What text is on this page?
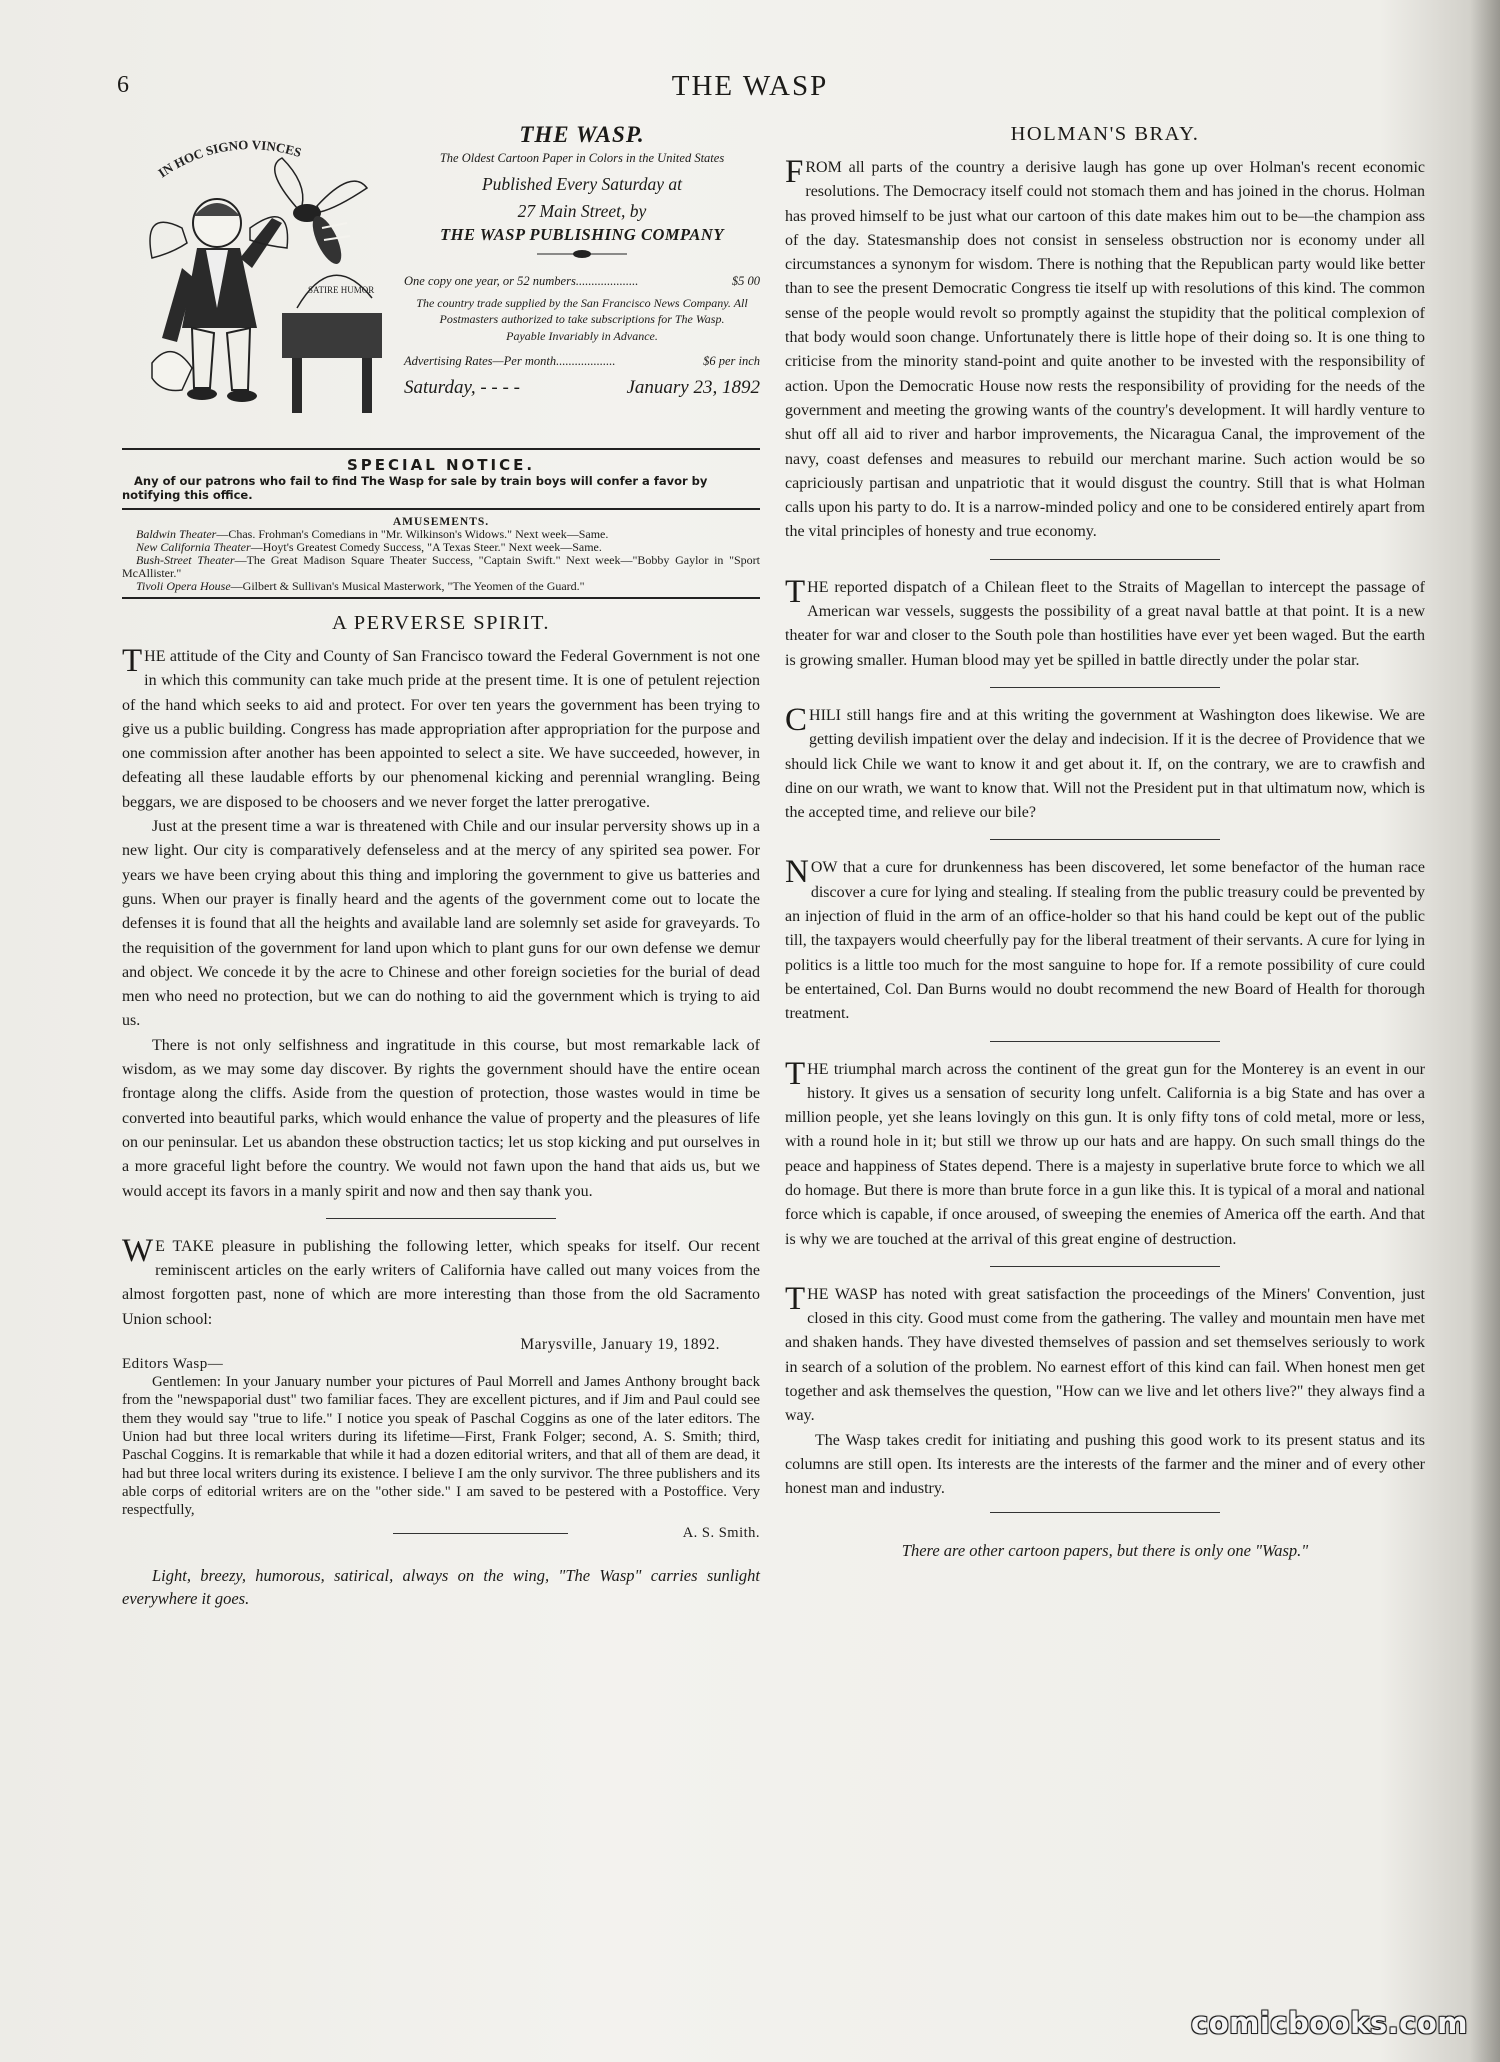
6	THE WASP
IN HOC SIGNO VINCES
SATIRE HUMOR
THE WASP.
The Oldest Cartoon Paper in Colors in the United States
Published Every Saturday at
27 Main Street, by
THE WASP PUBLISHING COMPANY
One copy one year, or 52 numbers....................	$5 00
The country trade supplied by the San Francisco News Company. All Postmasters authorized to take subscriptions for The Wasp.
Payable Invariably in Advance.
Advertising Rates—Per month...................	$6 per inch
Saturday, - - - -	January 23, 1892
SPECIAL NOTICE.
Any of our patrons who fail to find The Wasp for sale by train boys will confer a favor by notifying this office.
AMUSEMENTS.

Baldwin Theater—Chas. Frohman's Comedians in "Mr. Wilkinson's Widows." Next week—Same.

New California Theater—Hoyt's Greatest Comedy Success, "A Texas Steer." Next week—Same.

Bush-Street Theater—The Great Madison Square Theater Success, "Captain Swift." Next week—"Bobby Gaylor in "Sport McAllister."

Tivoli Opera House—Gilbert & Sullivan's Musical Masterwork, "The Yeomen of the Guard."

A PERVERSE SPIRIT.

THE attitude of the City and County of San Francisco toward the Federal Government is not one in which this community can take much pride at the present time. It is one of petulent rejection of the hand which seeks to aid and protect. For over ten years the government has been trying to give us a public building. Congress has made appropriation after appropriation for the purpose and one commission after another has been appointed to select a site. We have succeeded, however, in defeating all these laudable efforts by our phenomenal kicking and perennial wrangling. Being beggars, we are disposed to be choosers and we never forget the latter prerogative.

Just at the present time a war is threatened with Chile and our insular perversity shows up in a new light. Our city is comparatively defenseless and at the mercy of any spirited sea power. For years we have been crying about this thing and imploring the government to give us batteries and guns. When our prayer is finally heard and the agents of the government come out to locate the defenses it is found that all the heights and available land are solemnly set aside for graveyards. To the requisition of the government for land upon which to plant guns for our own defense we demur and object. We concede it by the acre to Chinese and other foreign societies for the burial of dead men who need no protection, but we can do nothing to aid the government which is trying to aid us.

There is not only selfishness and ingratitude in this course, but most remarkable lack of wisdom, as we may some day discover. By rights the government should have the entire ocean frontage along the cliffs. Aside from the question of protection, those wastes would in time be converted into beautiful parks, which would enhance the value of property and the pleasures of life on our peninsular. Let us abandon these obstruction tactics; let us stop kicking and put ourselves in a more graceful light before the country. We would not fawn upon the hand that aids us, but we would accept its favors in a manly spirit and now and then say thank you.

W E TAKE pleasure in publishing the following letter, which speaks for itself. Our recent reminiscent articles on the early writers of California have called out many voices from the almost forgotten past, none of which are more interesting than those from the old Sacramento Union school:

Marysville, January 19, 1892.
Editors Wasp—

Gentlemen: In your January number your pictures of Paul Morrell and James Anthony brought back from the "newspaporial dust" two familiar faces. They are excellent pictures, and if Jim and Paul could see them they would say "true to life." I notice you speak of Paschal Coggins as one of the later editors. The Union had but three local writers during its lifetime—First, Frank Folger; second, A. S. Smith; third, Paschal Coggins. It is remarkable that while it had a dozen editorial writers, and that all of them are dead, it had but three local writers during its existence. I believe I am the only survivor. The three publishers and its able corps of editorial writers are on the "other side." I am saved to be pestered with a Postoffice. Very respectfully,

A. S. Smith.
Light, breezy, humorous, satirical, always on the wing, "The Wasp" carries sunlight everywhere it goes.
HOLMAN'S BRAY.

FROM all parts of the country a derisive laugh has gone up over Holman's recent economic resolutions. The Democracy itself could not stomach them and has joined in the chorus. Holman has proved himself to be just what our cartoon of this date makes him out to be—the champion ass of the day. Statesmanship does not consist in senseless obstruction nor is economy under all circumstances a synonym for wisdom. There is nothing that the Republican party would like better than to see the present Democratic Congress tie itself up with resolutions of this kind. The common sense of the people would revolt so promptly against the stupidity that the political complexion of that body would soon change. Unfortunately there is little hope of their doing so. It is one thing to criticise from the minority stand-point and quite another to be invested with the responsibility of action. Upon the Democratic House now rests the responsibility of providing for the needs of the government and meeting the growing wants of the country's development. It will hardly venture to shut off all aid to river and harbor improvements, the Nicaragua Canal, the improvement of the navy, coast defenses and measures to rebuild our merchant marine. Such action would be so capriciously partisan and unpatriotic that it would disgust the country. Still that is what Holman calls upon his party to do. It is a narrow-minded policy and one to be considered entirely apart from the vital principles of honesty and true economy.

THE reported dispatch of a Chilean fleet to the Straits of Magellan to intercept the passage of American war vessels, suggests the possibility of a great naval battle at that point. It is a new theater for war and closer to the South pole than hostilities have ever yet been waged. But the earth is growing smaller. Human blood may yet be spilled in battle directly under the polar star.

CHILI still hangs fire and at this writing the government at Washington does likewise. We are getting devilish impatient over the delay and indecision. If it is the decree of Providence that we should lick Chile we want to know it and get about it. If, on the contrary, we are to crawfish and dine on our wrath, we want to know that. Will not the President put in that ultimatum now, which is the accepted time, and relieve our bile?

NOW that a cure for drunkenness has been discovered, let some benefactor of the human race discover a cure for lying and stealing. If stealing from the public treasury could be prevented by an injection of fluid in the arm of an office-holder so that his hand could be kept out of the public till, the taxpayers would cheerfully pay for the liberal treatment of their servants. A cure for lying in politics is a little too much for the most sanguine to hope for. If a remote possibility of cure could be entertained, Col. Dan Burns would no doubt recommend the new Board of Health for thorough treatment.

THE triumphal march across the continent of the great gun for the Monterey is an event in our history. It gives us a sensation of security long unfelt. California is a big State and has over a million people, yet she leans lovingly on this gun. It is only fifty tons of cold metal, more or less, with a round hole in it; but still we throw up our hats and are happy. On such small things do the peace and happiness of States depend. There is a majesty in superlative brute force to which we all do homage. But there is more than brute force in a gun like this. It is typical of a moral and national force which is capable, if once aroused, of sweeping the enemies of America off the earth. And that is why we are touched at the arrival of this great engine of destruction.

THE WASP has noted with great satisfaction the proceedings of the Miners' Convention, just closed in this city. Good must come from the gathering. The valley and mountain men have met and shaken hands. They have divested themselves of passion and set themselves seriously to work in search of a solution of the problem. No earnest effort of this kind can fail. When honest men get together and ask themselves the question, "How can we live and let others live?" they always find a way.

The Wasp takes credit for initiating and pushing this good work to its present status and its columns are still open. Its interests are the interests of the farmer and the miner and of every other honest man and industry.

There are other cartoon papers, but there is only one "Wasp."
comicbooks.com
